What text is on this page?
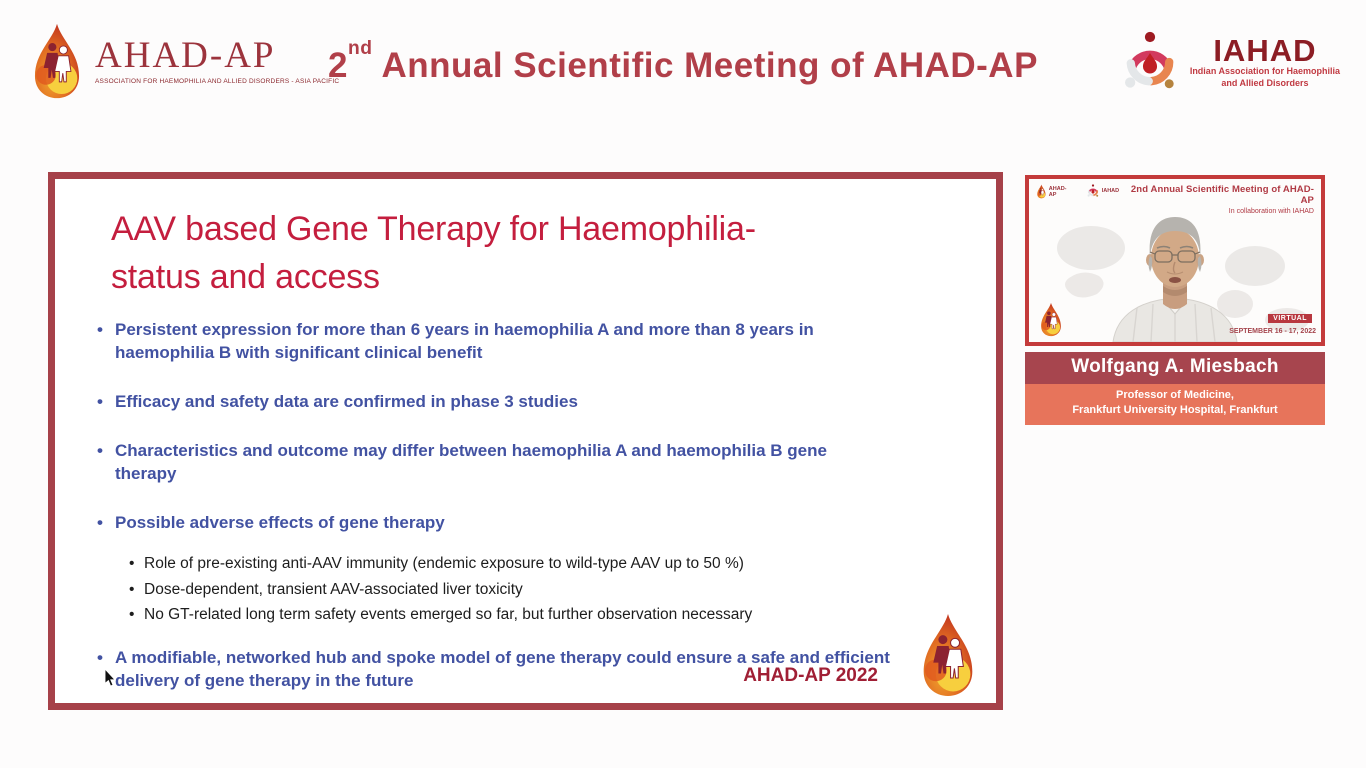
AHAD-AP
ASSOCIATION FOR HAEMOPHILIA AND ALLIED DISORDERS - ASIA PACIFIC
2nd Annual Scientific Meeting of AHAD-AP	IAHAD
Indian Association for Haemophilia
and Allied Disorders
AAV based Gene Therapy for Haemophilia-
status and access
• Persistent expression for more than 6 years in haemophilia A and more than 8 years in haemophilia B with significant clinical benefit
• Efficacy and safety data are confirmed in phase 3 studies
• Characteristics and outcome may differ between haemophilia A and haemophilia B gene therapy
• Possible adverse effects of gene therapy
• Role of pre-existing anti-AAV immunity (endemic exposure to wild-type AAV up to 50 %)
• Dose-dependent, transient AAV-associated liver toxicity
• No GT-related long term safety events emerged so far, but further observation necessary
• A modifiable, networked hub and spoke model of gene therapy could ensure a safe and efficient delivery of gene therapy in the future	AHAD-AP 2022
AHAD-AP
IAHAD	2nd Annual Scientific Meeting of AHAD-AP
In collaboration with IAHAD
VIRTUAL
SEPTEMBER 16 - 17, 2022
Wolfgang A. Miesbach
Professor of Medicine,
Frankfurt University Hospital, Frankfurt
